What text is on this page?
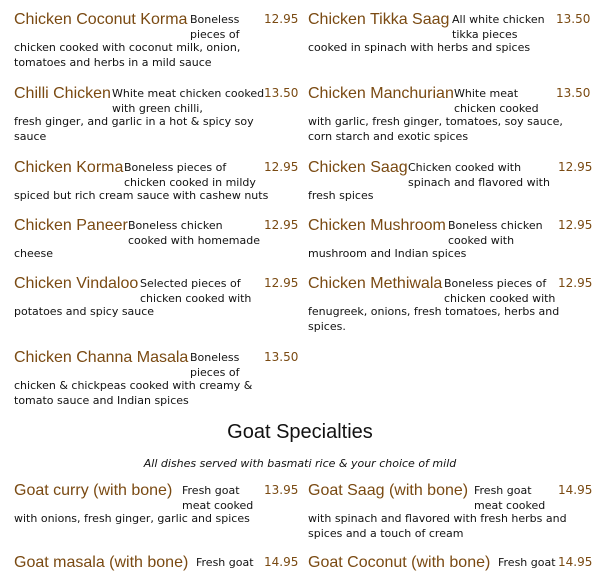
Chicken Coconut Korma Boneless pieces of
12.95
chicken cooked with coconut milk, onion, tomatoes and herbs in a mild sauce
Chicken Tikka Saag All white chicken tikka pieces
13.50
cooked in spinach with herbs and spices
Chilli Chicken White meat chicken cooked with green chilli,
13.50
fresh ginger, and garlic in a hot & spicy soy sauce
Chicken Manchurian White meat chicken cooked
13.50
with garlic, fresh ginger, tomatoes, soy sauce, corn starch and exotic spices
Chicken Korma Boneless pieces of chicken cooked in mildy
12.95
spiced but rich cream sauce with cashew nuts
Chicken Saag Chicken cooked with spinach and flavored with
12.95
fresh spices
Chicken Paneer Boneless chicken cooked with homemade
12.95
cheese
Chicken Mushroom Boneless chicken cooked with
12.95
mushroom and Indian spices
Chicken Vindaloo Selected pieces of chicken cooked with
12.95
potatoes and spicy sauce
Chicken Methiwala Boneless pieces of chicken cooked with
12.95
fenugreek, onions, fresh tomatoes, herbs and spices.
Chicken Channa Masala Boneless pieces of
13.50
chicken & chickpeas cooked with creamy & tomato sauce and Indian spices
Goat Specialties
All dishes served with basmati rice & your choice of mild
Goat curry (with bone) Fresh goat meat cooked
13.95
with onions, fresh ginger, garlic and spices
Goat Saag (with bone) Fresh goat meat cooked
14.95
with spinach and flavored with fresh herbs and spices and a touch of cream
Goat masala (with bone) Fresh goat 14.95 Goat Coconut (with bone) Fresh goat 14.95
